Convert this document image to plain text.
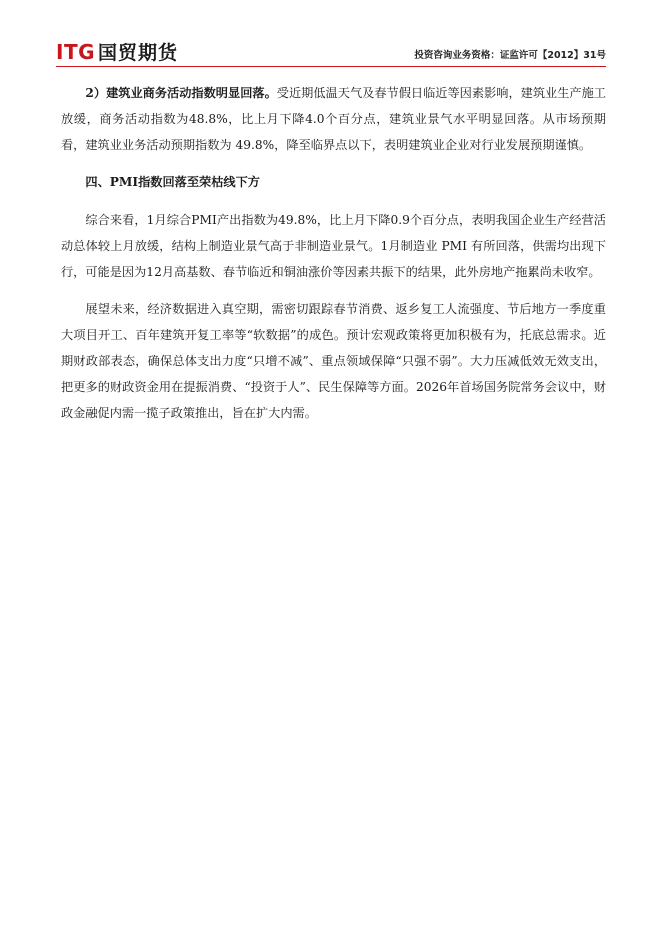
ITG 国贸期货	投资咨询业务资格：证监许可【2012】31号

2）建筑业商务活动指数明显回落。受近期低温天气及春节假日临近等因素影响，建筑业生产施工放缓，商务活动指数为48.8%，比上月下降4.0个百分点，建筑业景气水平明显回落。从市场预期看，建筑业业务活动预期指数为 49.8%，降至临界点以下，表明建筑业企业对行业发展预期谨慎。

四、PMI指数回落至荣枯线下方

综合来看，1月综合PMI产出指数为49.8%，比上月下降0.9个百分点，表明我国企业生产经营活动总体较上月放缓，结构上制造业景气高于非制造业景气。1月制造业 PMI 有所回落，供需均出现下行，可能是因为12月高基数、春节临近和铜油涨价等因素共振下的结果，此外房地产拖累尚未收窄。

展望未来，经济数据进入真空期，需密切跟踪春节消费、返乡复工人流强度、节后地方一季度重大项目开工、百年建筑开复工率等“软数据”的成色。预计宏观政策将更加积极有为，托底总需求。近期财政部表态，确保总体支出力度“只增不减”、重点领域保障“只强不弱”。大力压减低效无效支出，把更多的财政资金用在提振消费、“投资于人”、民生保障等方面。2026年首场国务院常务会议中，财政金融促内需一揽子政策推出，旨在扩大内需。
